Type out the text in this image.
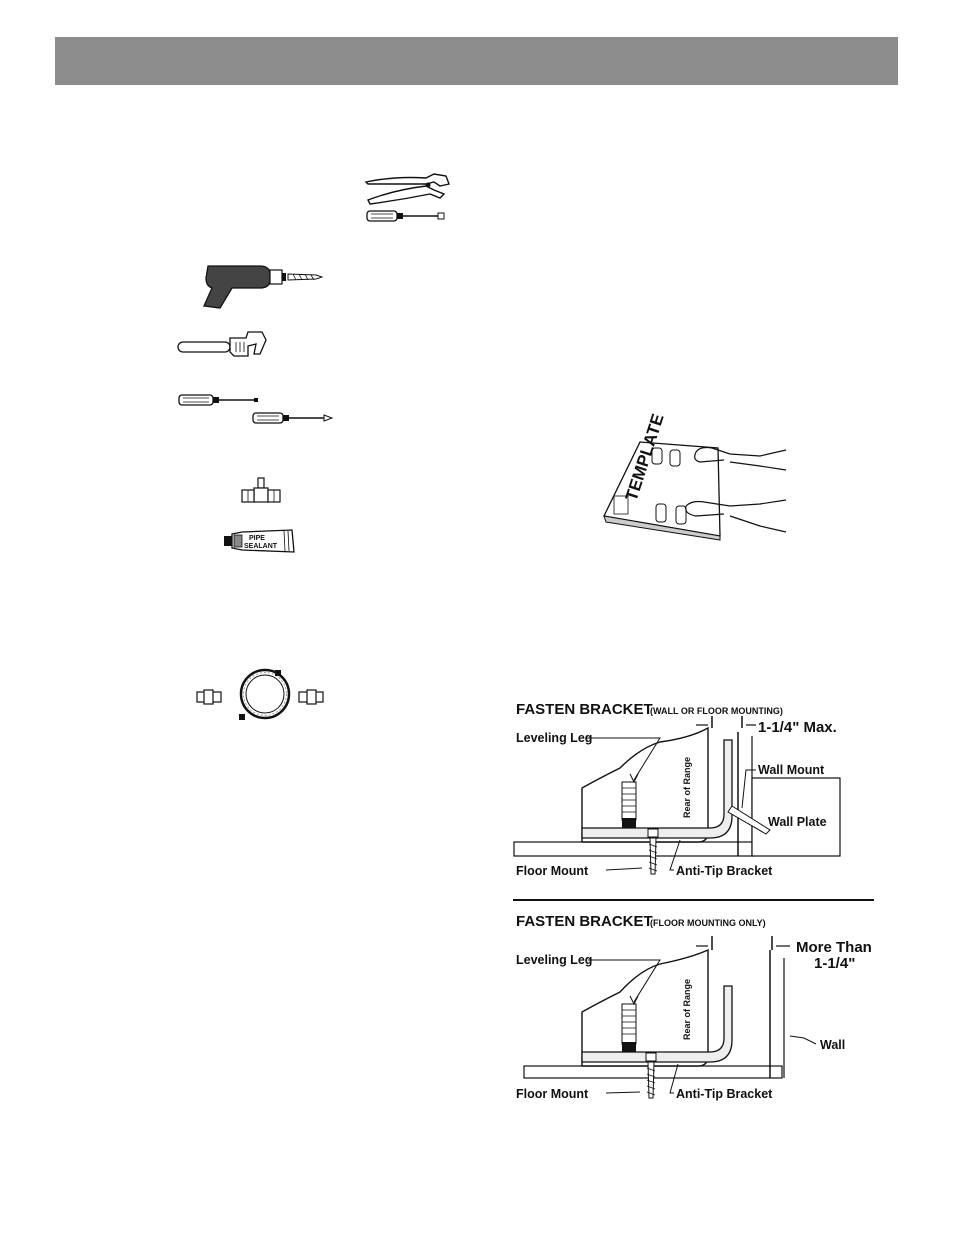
PIPE
SEALANT
TEMPLATE
FASTEN BRACKET
(WALL OR FLOOR MOUNTING)
Leveling Leg
Rear of Range
1-1/4" Max.
Wall Mount
Wall Plate
Floor Mount	Anti-Tip Bracket
FASTEN BRACKET
(FLOOR MOUNTING ONLY)
Leveling Leg
Rear of Range
More Than
1-1/4"
Wall
Floor Mount	Anti-Tip Bracket
